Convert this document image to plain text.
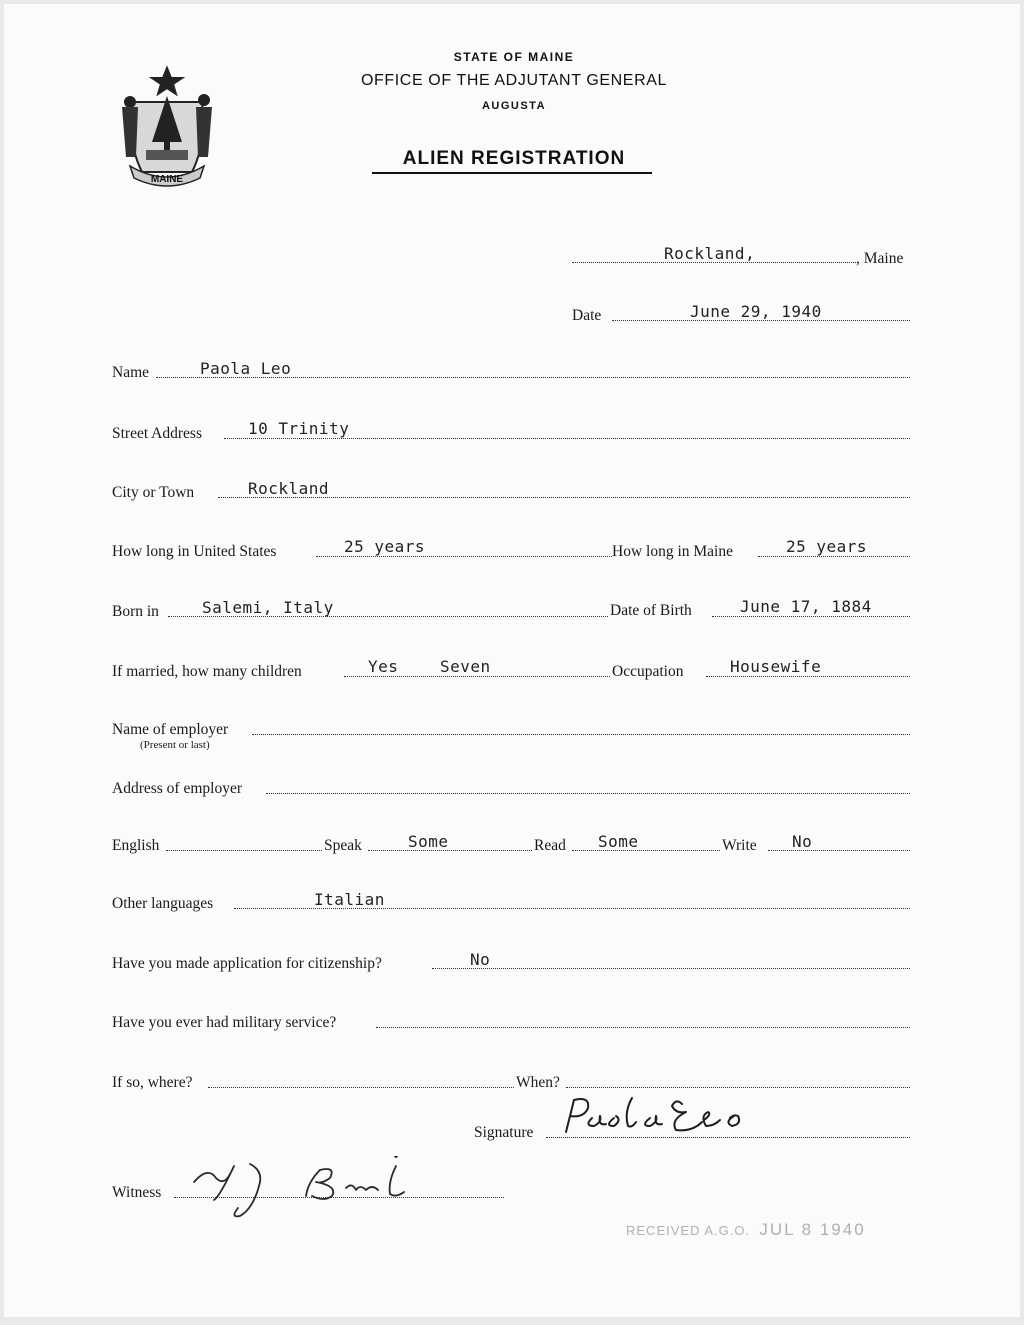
MAINE
STATE OF MAINE
OFFICE OF THE ADJUTANT GENERAL
AUGUSTA
ALIEN REGISTRATION
Rockland,	, Maine
Date	June 29, 1940
Name	Paola Leo
Street Address	10 Trinity
City or Town	Rockland
How long in United States	25 years	How long in Maine	25 years
Born in	Salemi, Italy	Date of Birth	June 17, 1884
If married, how many children	Yes	Seven	Occupation	Housewife
Name of employer
(Present or last)
Address of employer
English	Speak	Some	Read Some	Write No
Other languages	Italian
Have you made application for citizenship?	No
Have you ever had military service?
If so, where?	When?
Signature
Witness
RECEIVED A.G.O. JUL 8 1940
